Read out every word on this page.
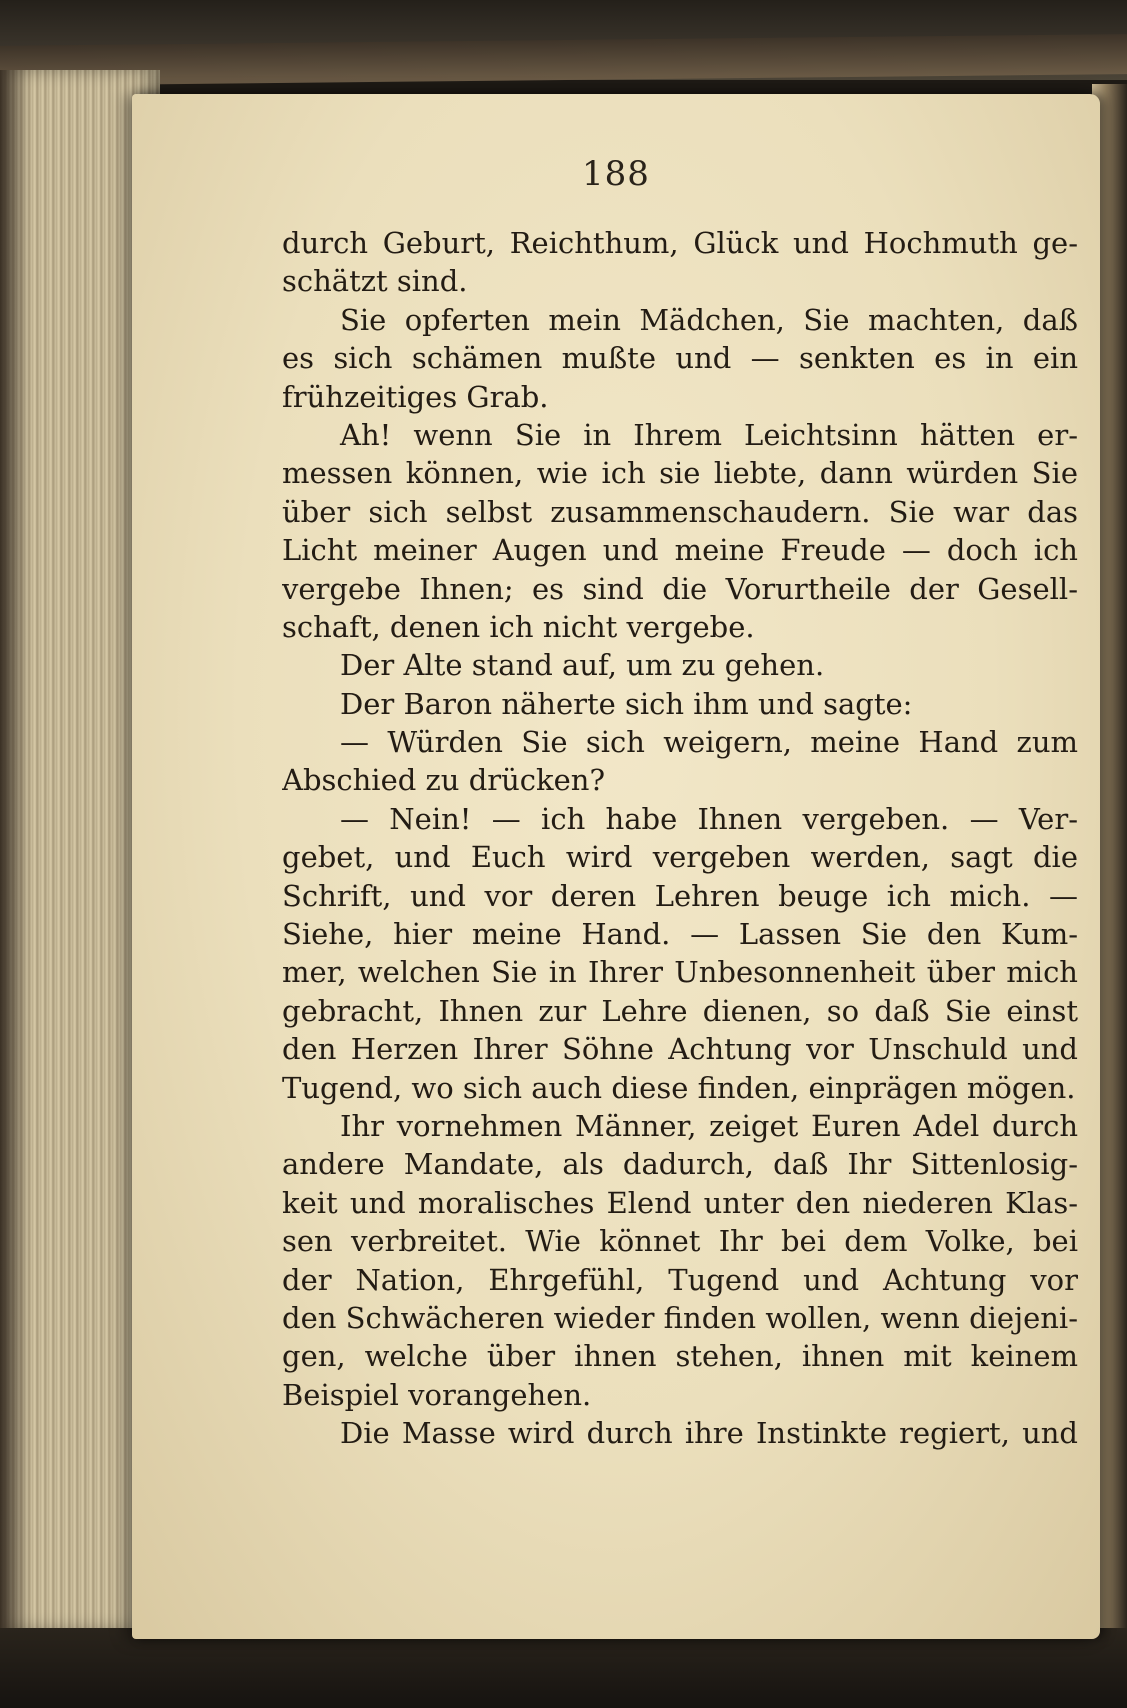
188
durch Geburt, Reichthum, Glück und Hochmuth ge-
schätzt sind.
Sie opferten mein Mädchen, Sie machten, daß
es sich schämen mußte und — senkten es in ein
frühzeitiges Grab.
Ah! wenn Sie in Ihrem Leichtsinn hätten er-
messen können, wie ich sie liebte, dann würden Sie
über sich selbst zusammenschaudern. Sie war das
Licht meiner Augen und meine Freude — doch ich
vergebe Ihnen; es sind die Vorurtheile der Gesell-
schaft, denen ich nicht vergebe.
Der Alte stand auf, um zu gehen.
Der Baron näherte sich ihm und sagte:
— Würden Sie sich weigern, meine Hand zum
Abschied zu drücken?
— Nein! — ich habe Ihnen vergeben. — Ver-
gebet, und Euch wird vergeben werden, sagt die
Schrift, und vor deren Lehren beuge ich mich. —
Siehe, hier meine Hand. — Lassen Sie den Kum-
mer, welchen Sie in Ihrer Unbesonnenheit über mich
gebracht, Ihnen zur Lehre dienen, so daß Sie einst
den Herzen Ihrer Söhne Achtung vor Unschuld und
Tugend, wo sich auch diese finden, einprägen mögen.
Ihr vornehmen Männer, zeiget Euren Adel durch
andere Mandate, als dadurch, daß Ihr Sittenlosig-
keit und moralisches Elend unter den niederen Klas-
sen verbreitet. Wie könnet Ihr bei dem Volke, bei
der Nation, Ehrgefühl, Tugend und Achtung vor
den Schwächeren wieder finden wollen, wenn diejeni-
gen, welche über ihnen stehen, ihnen mit keinem
Beispiel vorangehen.
Die Masse wird durch ihre Instinkte regiert, und
